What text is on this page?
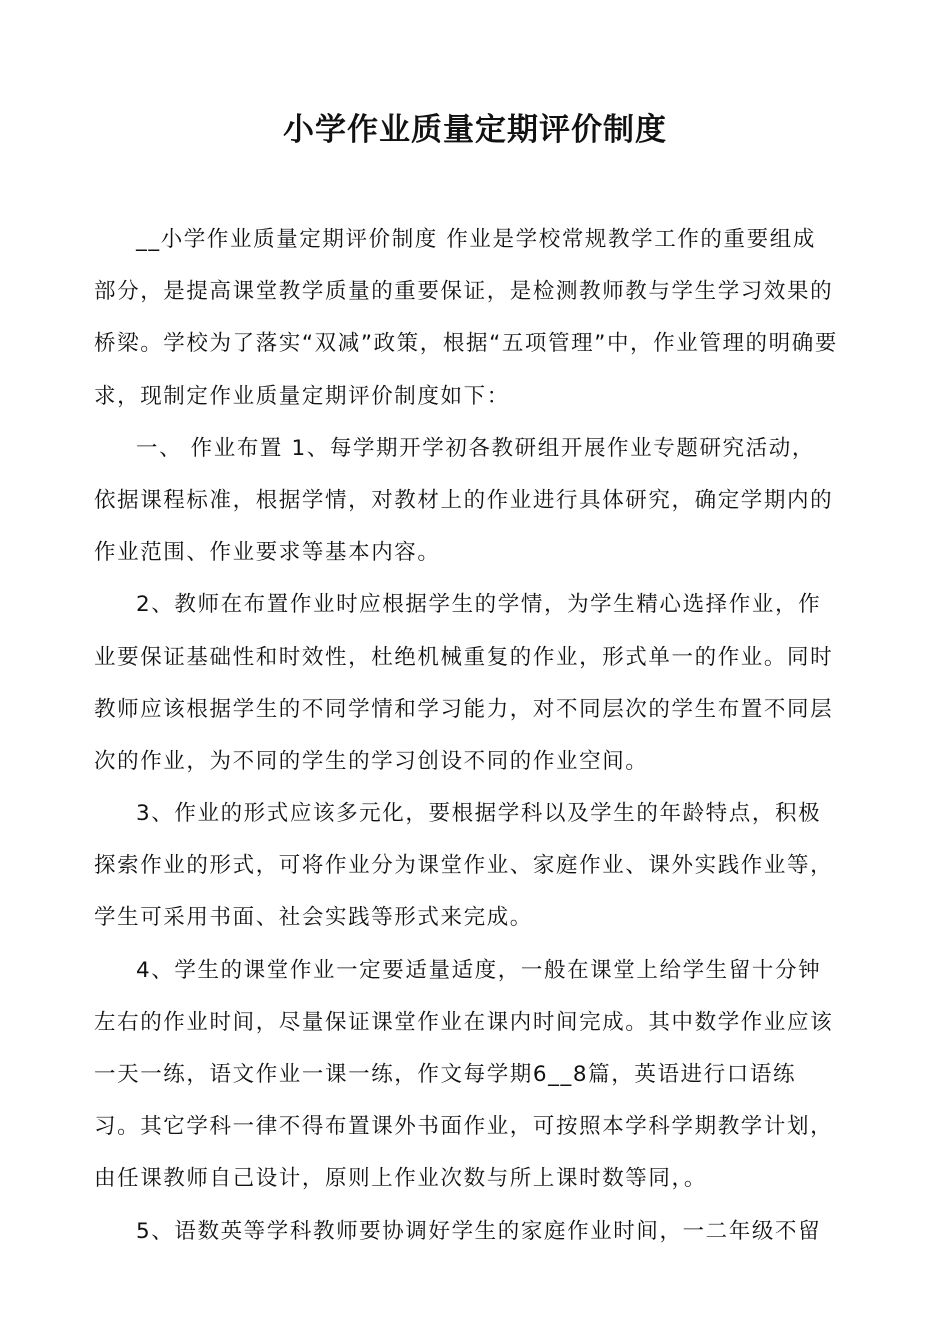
小学作业质量定期评价制度
__小学作业质量定期评价制度 作业是学校常规教学工作的重要组成
部分，是提高课堂教学质量的重要保证，是检测教师教与学生学习效果的
桥梁。学校为了落实“双减”政策，根据“五项管理”中，作业管理的明确要
求，现制定作业质量定期评价制度如下：
一、 作业布置 1、每学期开学初各教研组开展作业专题研究活动，
依据课程标准，根据学情，对教材上的作业进行具体研究，确定学期内的
作业范围、作业要求等基本内容。
2、教师在布置作业时应根据学生的学情，为学生精心选择作业，作
业要保证基础性和时效性，杜绝机械重复的作业，形式单一的作业。同时
教师应该根据学生的不同学情和学习能力，对不同层次的学生布置不同层
次的作业，为不同的学生的学习创设不同的作业空间。
3、作业的形式应该多元化，要根据学科以及学生的年龄特点，积极
探索作业的形式，可将作业分为课堂作业、家庭作业、课外实践作业等，
学生可采用书面、社会实践等形式来完成。
4、学生的课堂作业一定要适量适度，一般在课堂上给学生留十分钟
左右的作业时间，尽量保证课堂作业在课内时间完成。其中数学作业应该
一天一练，语文作业一课一练，作文每学期6__8篇，英语进行口语练
习。其它学科一律不得布置课外书面作业，可按照本学科学期教学计划，
由任课教师自己设计，原则上作业次数与所上课时数等同，。
5、语数英等学科教师要协调好学生的家庭作业时间，一二年级不留
